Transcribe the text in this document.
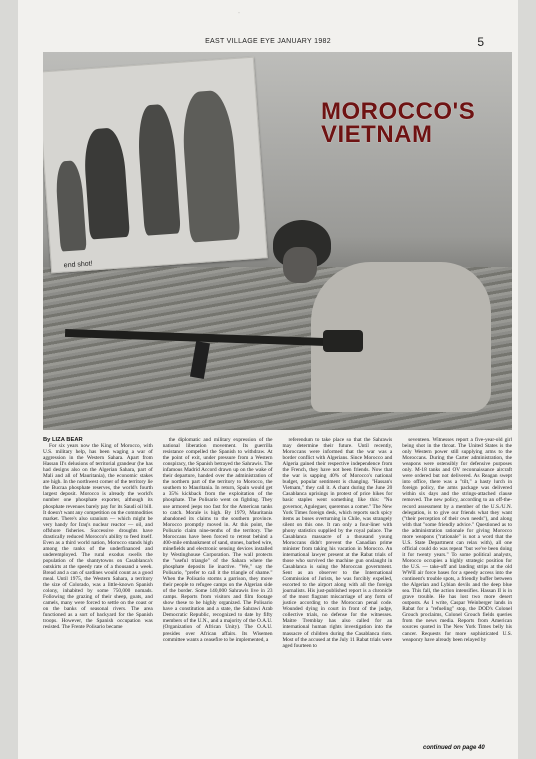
"
EAST VILLAGE EYE JANUARY 1982	5
end shot!
MOROCCO'S
VIETNAM

By LIZA BEAR

For six years now the King of Morocco, with U.S. military help, has been waging a war of aggression in the Western Sahara. Apart from Hassan II's delusions of territorial grandeur (he has had designs also on the Algerian Sahara, part of Mali and all of Mauritania), the economic stakes are high. In the northwest corner of the territory lie the Bucraa phosphate reserves, the world's fourth largest deposit. Morocco is already the world's number one phosphate exporter, although its phosphate revenues barely pay for its Saudi oil bill. It doesn't want any competition on the commodities market. There's also uranium — which might be very handy for Iraq's nuclear reactor — oil, and offshore fisheries. Successive droughts have drastically reduced Morocco's ability to feed itself. Even as a third world nation, Morocco stands high among the ranks of the underfinanced and underemployed. The rural exodus swells the population of the shantytowns on Casablanca's outskirts at the speedy rate of a thousand a week. Bread and a can of sardines would count as a good meal. Until 1975, the Western Sahara, a territory the size of Colorado, was a little-known Spanish colony, inhabited by some 750,000 nomads. Following the grazing of their sheep, goats, and camels, many were forced to settle on the coast or on the banks of seasonal rivers. The area functioned as a sort of backyard for the Spanish troops. However, the Spanish occupation was resisted. The Frente Polisario became

the diplomatic and military expression of the national liberation movement. Its guerrilla resistance compelled the Spanish to withdraw. At the point of exit, under pressure from a Western conspiracy, the Spanish betrayed the Sahrawis. The infamous Madrid Accord drawn up on the wake of their departure, handed over the administration of the northern part of the territory to Morocco, the southern to Mauritania. In return, Spain would get a 35% kickback from the exploitation of the phosphate. The Polisario went on fighting. They use armored jeeps too fast for the American tanks to catch. Morale is high. By 1979, Mauritania abandoned its claims to the southern province. Morocco promptly moved in. At this point, the Polisario claim nine-tenths of the territory. The Moroccans have been forced to retreat behind a 400-mile embankment of sand, stones, barbed wire, minefields and electronic sensing devices installed by Westinghouse Corporation. The wall protects the "useful triangle" of the Sahara where the phosphate deposits lie inactive. "We," say the Polisario, "prefer to call it the triangle of shame." When the Polisario storms a garrison, they move their people to refugee camps on the Algerian side of the border. Some 140,000 Sahrawis live in 23 camps. Reports from visitors and film footage show these to be highly organized. The Polisario have a constitution and a state, the Sahrawi Arab Democratic Republic, recognized to date by fifty members of the U.N., and a majority of the O.A.U. (Organization of African Unity). The O.A.U. presides over African affairs. Its Wisemen committee wants a ceasefire to be implemented, a

referendum to take place so that the Sahrawis may determine their future. Until recently, Moroccans were informed that the war was a border conflict with Algerians. Since Morocco and Algeria gained their respective independence from the French, they have not been friends. Now that the war is sapping 40% of Morocco's national budget, popular sentiment is changing. "Hassan's Vietnam," they call it. A chant during the June 20 Casablanca uprisings in protest of price hikes for basic staples went something like this: "No governor, Aguleguer, queremos a comer." The New York Times foreign desk, which reports such spicy items as buses overturning in Chile, was strangely silent on this one. It ran only a four-liner with phony statistics supplied by the royal palace. The Casablanca massacre of a thousand young Moroccans didn't prevent the Canadian prime minister from taking his vacation in Morocco. An international lawyer present at the Rabat trials of those who survived the machine gun onslaught in Casablanca is suing the Moroccan government. Sent as an observer to the International Commission of Jurists, he was forcibly expelled, escorted to the airport along with all the foreign journalists. His just-published report is a chronicle of the most flagrant miscarriage of any form of justice according to the Moroccan penal code. Wounded dying in court in front of the judge, collective trials, no defense for the witnesses. Maitre Tremblay has also called for an international human rights investigation into the massacre of children during the Casablanca riots. Most of the accused at the July 11 Rabat trials were aged fourteen to

seventeen. Witnesses report a five-year-old girl being shot in the throat. The United States is the only Western power still supplying arms to the Moroccans. During the Carter administration, the weapons were ostensibly for defensive purposes only. M-18 tanks and OV reconnaissance aircraft were ordered but not delivered. As Reagan swept into office, there was a "tilt," a hasty lurch in foreign policy, the arms package was delivered within six days and the strings-attached clause removed. The new policy, according to an off-the-record assessment by a member of the U.S./U.N. delegation, is to give our friends what they want ("their perception of their own needs"), and along with that "some friendly advice." Questioned as to the administration rationale for giving Morocco more weapons ("rationale" is not a word that the U.S. State Department can relax with), all one official could do was repeat "but we've been doing it for twenty years." To some political analysts, Morocco occupies a highly strategic position for the U.S. — take-off and landing strips at the old WWII air force bases for a speedy access into the continent's trouble spots, a friendly buffer between the Algerian and Lybian devils and the deep blue sea. This fall, the action intensifies. Hassan II is in grave trouble. He has lost two more desert outposts. As I write, Caspar Weinberger lands in Rabat for a "refueling" stop, the DOD's Colonel Grouch proclaims, Colonel Grouch fields queries from the news media. Reports from American sources quoted in The New York Times belly his cancer. Requests for more sophisticated U.S. weaponry have already been relayed by

continued on page 40
